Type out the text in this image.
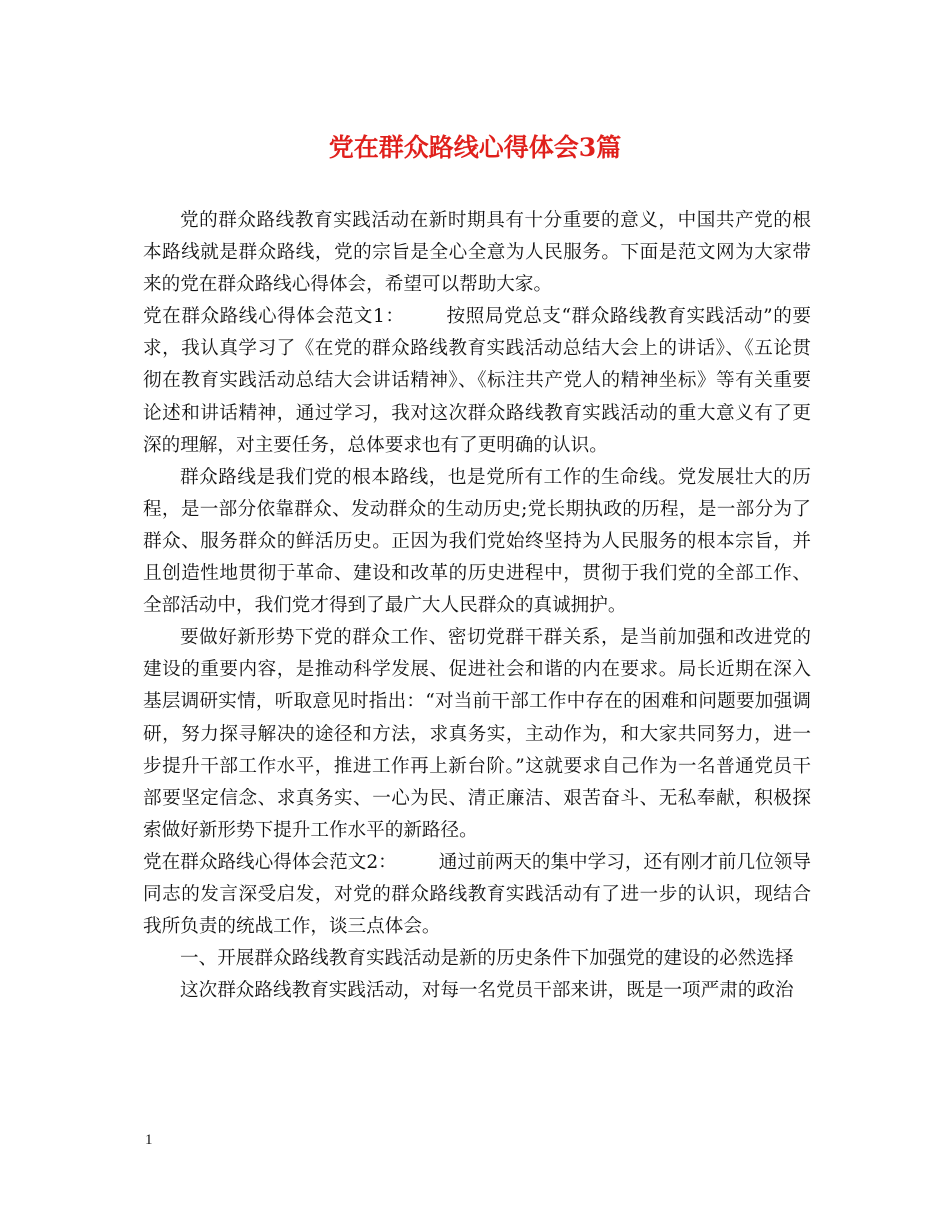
党在群众路线心得体会3篇

党的群众路线教育实践活动在新时期具有十分重要的意义，中国共产党的根本路线就是群众路线，党的宗旨是全心全意为人民服务。下面是范文网为大家带来的党在群众路线心得体会，希望可以帮助大家。

党在群众路线心得体会范文1： 按照局党总支“群众路线教育实践活动”的要求，我认真学习了《在党的群众路线教育实践活动总结大会上的讲话》、《五论贯彻在教育实践活动总结大会讲话精神》、《标注共产党人的精神坐标》等有关重要论述和讲话精神，通过学习，我对这次群众路线教育实践活动的重大意义有了更深的理解，对主要任务，总体要求也有了更明确的认识。

群众路线是我们党的根本路线，也是党所有工作的生命线。党发展壮大的历程，是一部分依靠群众、发动群众的生动历史;党长期执政的历程，是一部分为了群众、服务群众的鲜活历史。正因为我们党始终坚持为人民服务的根本宗旨，并且创造性地贯彻于革命、建设和改革的历史进程中，贯彻于我们党的全部工作、全部活动中，我们党才得到了最广大人民群众的真诚拥护。

要做好新形势下党的群众工作、密切党群干群关系，是当前加强和改进党的建设的重要内容，是推动科学发展、促进社会和谐的内在要求。局长近期在深入基层调研实情，听取意见时指出：“对当前干部工作中存在的困难和问题要加强调研，努力探寻解决的途径和方法，求真务实，主动作为，和大家共同努力，进一步提升干部工作水平，推进工作再上新台阶。”这就要求自己作为一名普通党员干部要坚定信念、求真务实、一心为民、清正廉洁、艰苦奋斗、无私奉献，积极探索做好新形势下提升工作水平的新路径。

党在群众路线心得体会范文2： 通过前两天的集中学习，还有刚才前几位领导同志的发言深受启发，对党的群众路线教育实践活动有了进一步的认识，现结合我所负责的统战工作，谈三点体会。

一、开展群众路线教育实践活动是新的历史条件下加强党的建设的必然选择

这次群众路线教育实践活动，对每一名党员干部来讲，既是一项严肃的政治

1
